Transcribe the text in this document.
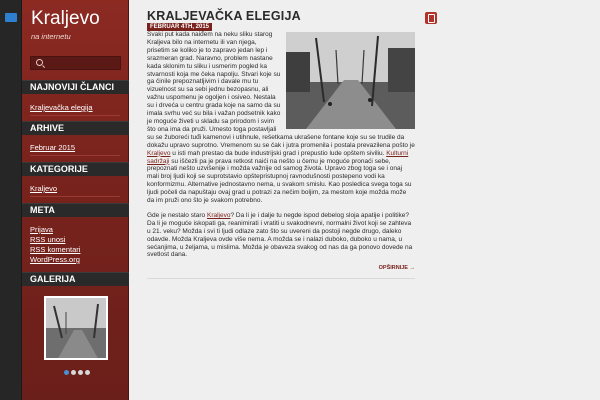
Kraljevo
na internetu
NAJNOVIJI ČLANCI
Kraljevačka elegija
ARHIVE
Februar 2015
KATEGORIJE
Kraljevo
META
Prijava
RSS unosi
RSS komentari
WordPress.org
GALERIJA
KRALJEVAČKA ELEGIJA
FEBRUAR 4TH, 2015

Svaki put kada naiđem na neku sliku starog Kraljeva bilo na internetu ili van njega, prisetim se koliko je to zapravo jedan lep i srazmeran grad. Naravno, problem nastane kada sklonim tu sliku i usmerim pogled ka stvarnosti koja me čeka napolju. Stvari koje su ga činile prepoznatljivim i davale mu tu vizuelnost su sa sebi jednu bezopasnu, ali važnu uspomenu je ogoljen i osiveo. Nestala su i drveća u centru grada koje na samo da su imala svrhu već su bila i važan podsetnik kako je moguće živeti u skladu sa prirodom i svim što ona ima da pruži. Umesto toga postavljali su se žuboreći tuđi kamenovi i utihnule, rešetkama ukrašene fontane koje su se trudile da dokažu upravo suprotno. Vremenom su se čak i jutra promenila i postala prevazilena pošto je Kraljevo u isti mah prestao da bude industrijski grad i prepustio lude opštem siviliu. Kulturni sadržaji su iščezli pa je prava retkost naići na nešto u čemu je moguće pronaći sebe, prepoznati nešto uzvišenije i možda važnije od samog života. Upravo zbog toga se i onaj mali broj ljudi koji se suprotstavio opštepristupnoj ravnodušnosti postepeno vodi ka konformizmu. Alternative jednostavno nema, u svakom smislu. Kao posledica svega toga su ljudi počeli da napuštaju ovaj grad u potrazi za nečim boljim, za mestom koje možda može da im pruži ono što je svakom potrebno.

Gde je nestalo staro Kraljevo? Da li je i dalje tu negde ispod debelog sloja apatije i politike? Da li je moguće iskopati ga, reanimirati i vratiti u svakodnevni, normalni život koji se zahteva u 21. veku? Možda i svi ti ljudi odlaze zato što su uvereni da postoji negde drugo, daleko odavde. Možda Kraljeva ovde više nema. A možda se i nalazi duboko, duboko u nama, u sećanjima, u željama, u mislima. Možda je obaveza svakog od nas da ga ponovo dovede na svetlost dana.

OPŠIRNIJE →
